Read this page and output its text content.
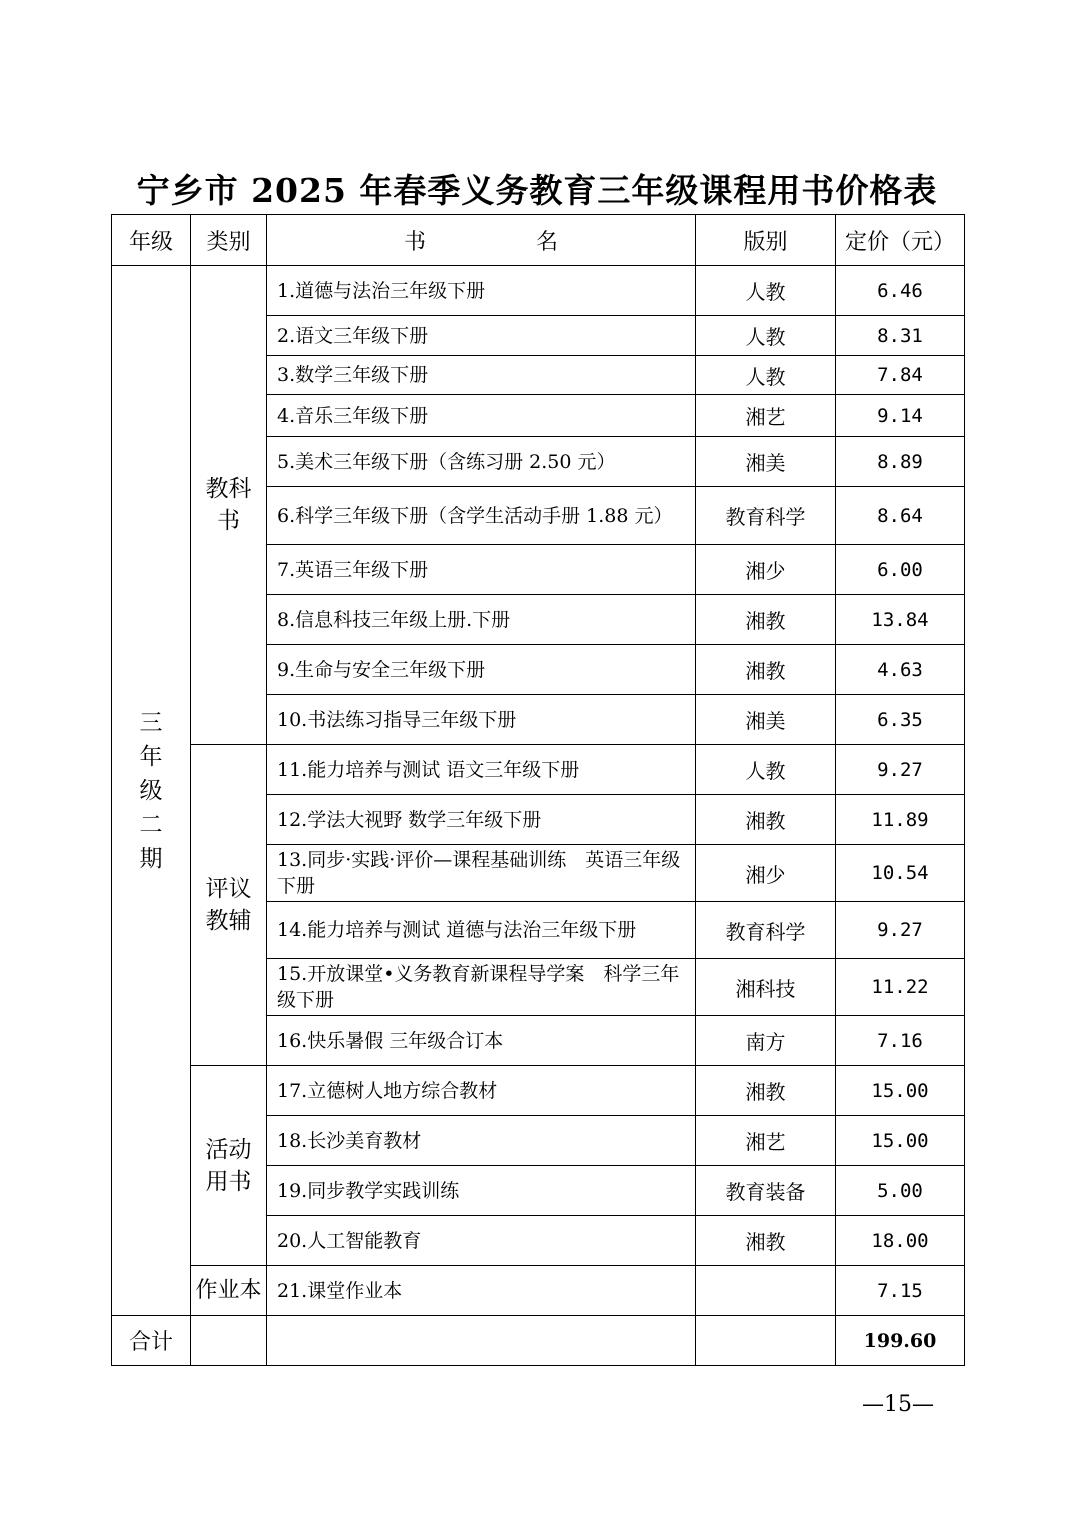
宁乡市 2025 年春季义务教育三年级课程用书价格表
年级	类别	书　　　　　名	版别	定价（元）
三年级二期	教科书	1.道德与法治三年级下册	人教	6.46
		2.语文三年级下册	人教	8.31
		3.数学三年级下册	人教	7.84
		4.音乐三年级下册	湘艺	9.14
		5.美术三年级下册（含练习册 2.50 元）	湘美	8.89
		6.科学三年级下册（含学生活动手册 1.88 元）	教育科学	8.64
		7.英语三年级下册	湘少	6.00
		8.信息科技三年级上册.下册	湘教	13.84
		9.生命与安全三年级下册	湘教	4.63
		10.书法练习指导三年级下册	湘美	6.35
	评议教辅	11.能力培养与测试 语文三年级下册	人教	9.27
		12.学法大视野 数学三年级下册	湘教	11.89
		13.同步·实践·评价—课程基础训练　英语三年级下册	湘少	10.54
		14.能力培养与测试 道德与法治三年级下册	教育科学	9.27
		15.开放课堂•义务教育新课程导学案　科学三年级下册	湘科技	11.22
		16.快乐暑假 三年级合订本	南方	7.16
	活动用书	17.立德树人地方综合教材	湘教	15.00
		18.长沙美育教材	湘艺	15.00
		19.同步教学实践训练	教育装备	5.00
		20.人工智能教育	湘教	18.00
	作业本	21.课堂作业本		7.15
合计				199.60
—15—
